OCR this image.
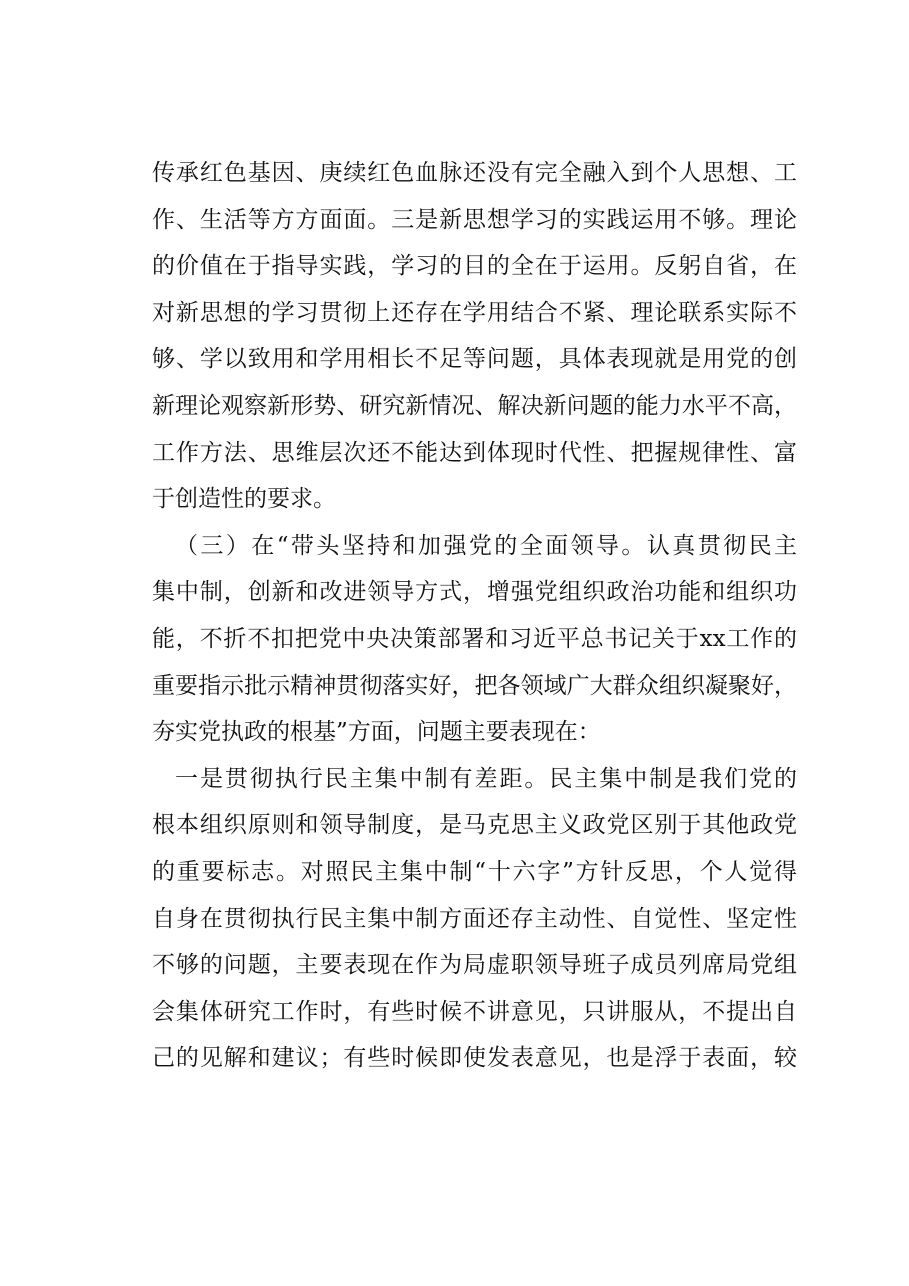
传承红色基因、庚续红色血脉还没有完全融入到个人思想、工
作、生活等方方面面。三是新思想学习的实践运用不够。理论
的价值在于指导实践，学习的目的全在于运用。反躬自省，在
对新思想的学习贯彻上还存在学用结合不紧、理论联系实际不
够、学以致用和学用相长不足等问题，具体表现就是用党的创
新理论观察新形势、研究新情况、解决新问题的能力水平不高，
工作方法、思维层次还不能达到体现时代性、把握规律性、富
于创造性的要求。
（三）在“带头坚持和加强党的全面领导。认真贯彻民主
集中制，创新和改进领导方式，增强党组织政治功能和组织功
能，不折不扣把党中央决策部署和习近平总书记关于xx工作的
重要指示批示精神贯彻落实好，把各领域广大群众组织凝聚好，
夯实党执政的根基”方面，问题主要表现在：
一是贯彻执行民主集中制有差距。民主集中制是我们党的
根本组织原则和领导制度，是马克思主义政党区别于其他政党
的重要标志。对照民主集中制“十六字”方针反思，个人觉得
自身在贯彻执行民主集中制方面还存主动性、自觉性、坚定性
不够的问题，主要表现在作为局虚职领导班子成员列席局党组
会集体研究工作时，有些时候不讲意见，只讲服从，不提出自
己的见解和建议；有些时候即使发表意见，也是浮于表面，较
